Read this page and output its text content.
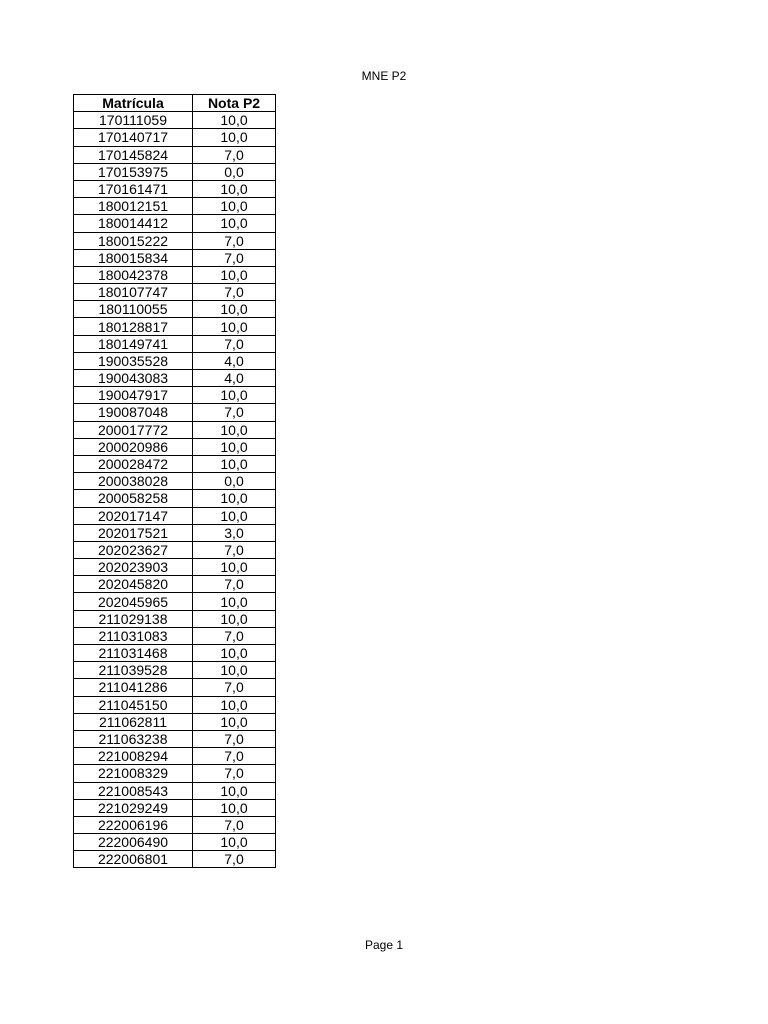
MNE P2
Matrícula	Nota P2
170111059	10,0
170140717	10,0
170145824	7,0
170153975	0,0
170161471	10,0
180012151	10,0
180014412	10,0
180015222	7,0
180015834	7,0
180042378	10,0
180107747	7,0
180110055	10,0
180128817	10,0
180149741	7,0
190035528	4,0
190043083	4,0
190047917	10,0
190087048	7,0
200017772	10,0
200020986	10,0
200028472	10,0
200038028	0,0
200058258	10,0
202017147	10,0
202017521	3,0
202023627	7,0
202023903	10,0
202045820	7,0
202045965	10,0
211029138	10,0
211031083	7,0
211031468	10,0
211039528	10,0
211041286	7,0
211045150	10,0
211062811	10,0
211063238	7,0
221008294	7,0
221008329	7,0
221008543	10,0
221029249	10,0
222006196	7,0
222006490	10,0
222006801	7,0
Page 1
